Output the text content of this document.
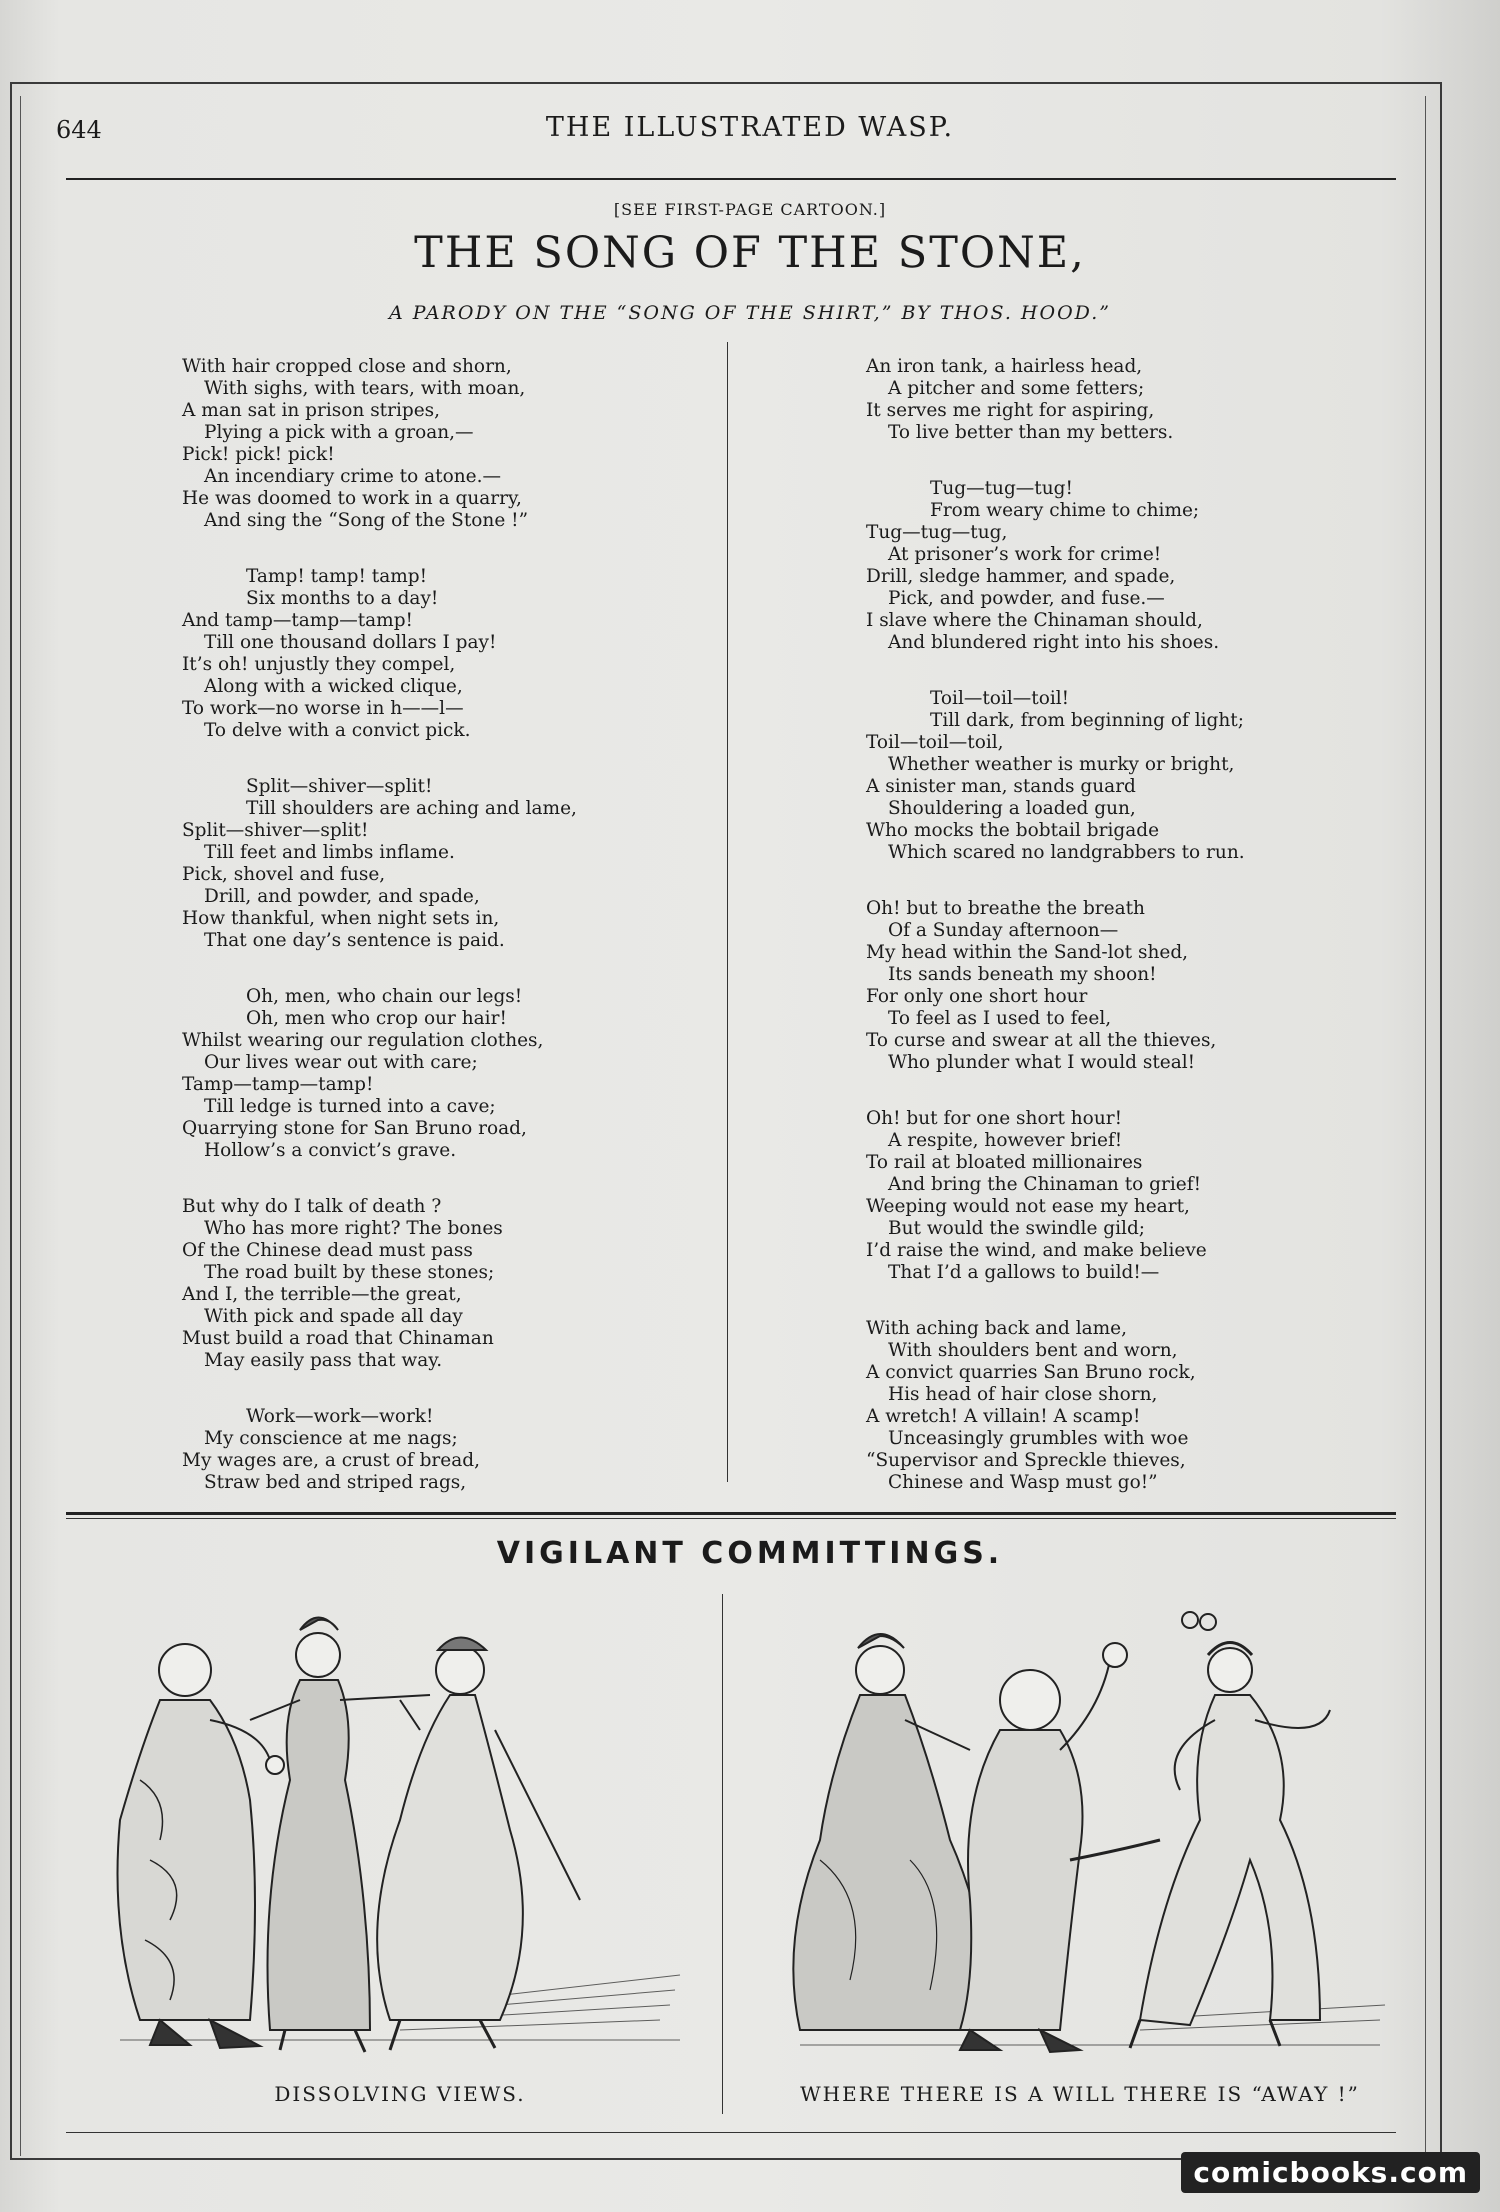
644	THE ILLUSTRATED WASP.
[SEE FIRST-PAGE CARTOON.]
THE SONG OF THE STONE,
A PARODY ON THE “SONG OF THE SHIRT,” BY THOS. HOOD.”
With hair cropped close and shorn,
With sighs, with tears, with moan,
A man sat in prison stripes,
Plying a pick with a groan,—
Pick! pick! pick!
An incendiary crime to atone.—
He was doomed to work in a quarry,
And sing the “Song of the Stone !”
Tamp! tamp! tamp!
Six months to a day!
And tamp—tamp—tamp!
Till one thousand dollars I pay!
It’s oh! unjustly they compel,
Along with a wicked clique,
To work—no worse in h——l—
To delve with a convict pick.
Split—shiver—split!
Till shoulders are aching and lame,
Split—shiver—split!
Till feet and limbs inflame.
Pick, shovel and fuse,
Drill, and powder, and spade,
How thankful, when night sets in,
That one day’s sentence is paid.
Oh, men, who chain our legs!
Oh, men who crop our hair!
Whilst wearing our regulation clothes,
Our lives wear out with care;
Tamp—tamp—tamp!
Till ledge is turned into a cave;
Quarrying stone for San Bruno road,
Hollow’s a convict’s grave.
But why do I talk of death ?
Who has more right? The bones
Of the Chinese dead must pass
The road built by these stones;
And I, the terrible—the great,
With pick and spade all day
Must build a road that Chinaman
May easily pass that way.
Work—work—work!
My conscience at me nags;
My wages are, a crust of bread,
Straw bed and striped rags,
An iron tank, a hairless head,
A pitcher and some fetters;
It serves me right for aspiring,
To live better than my betters.
Tug—tug—tug!
From weary chime to chime;
Tug—tug—tug,
At prisoner’s work for crime!
Drill, sledge hammer, and spade,
Pick, and powder, and fuse.—
I slave where the Chinaman should,
And blundered right into his shoes.
Toil—toil—toil!
Till dark, from beginning of light;
Toil—toil—toil,
Whether weather is murky or bright,
A sinister man, stands guard
Shouldering a loaded gun,
Who mocks the bobtail brigade
Which scared no landgrabbers to run.
Oh! but to breathe the breath
Of a Sunday afternoon—
My head within the Sand-lot shed,
Its sands beneath my shoon!
For only one short hour
To feel as I used to feel,
To curse and swear at all the thieves,
Who plunder what I would steal!
Oh! but for one short hour!
A respite, however brief!
To rail at bloated millionaires
And bring the Chinaman to grief!
Weeping would not ease my heart,
But would the swindle gild;
I’d raise the wind, and make believe
That I’d a gallows to build!—
With aching back and lame,
With shoulders bent and worn,
A convict quarries San Bruno rock,
His head of hair close shorn,
A wretch! A villain! A scamp!
Unceasingly grumbles with woe
“Supervisor and Spreckle thieves,
Chinese and Wasp must go!”
VIGILANT COMMITTINGS.
DISSOLVING VIEWS.	WHERE THERE IS A WILL THERE IS “AWAY !”
comicbooks.com
